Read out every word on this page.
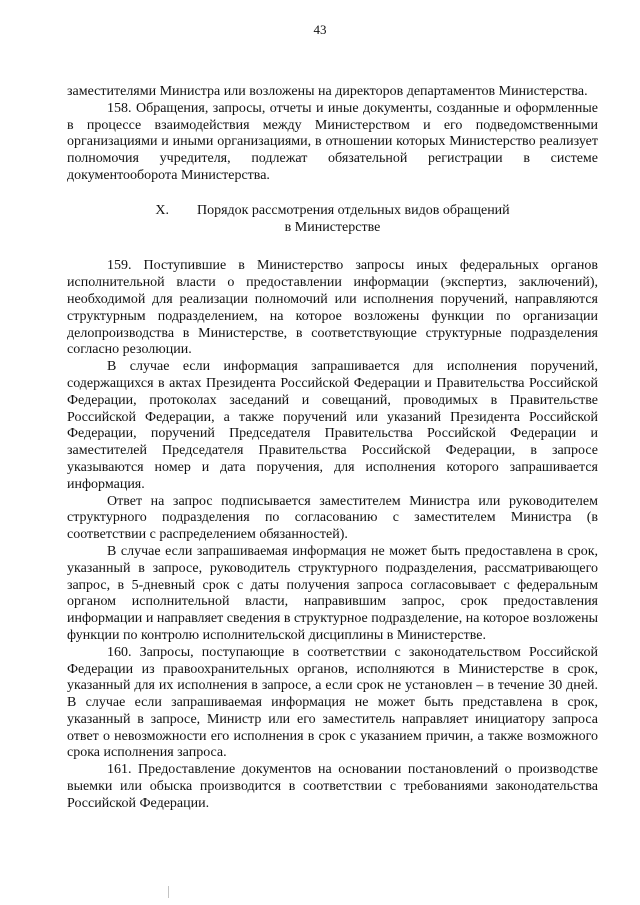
43

заместителями Министра или возложены на директоров департаментов Министерства.

158. Обращения, запросы, отчеты и иные документы, созданные и оформленные в процессе взаимодействия между Министерством и его подведомственными организациями и иными организациями, в отношении которых Министерство реализует полномочия учредителя, подлежат обязательной регистрации в системе документооборота Министерства.

X. Порядок рассмотрения отдельных видов обращений
в Министерстве

159. Поступившие в Министерство запросы иных федеральных органов исполнительной власти о предоставлении информации (экспертиз, заключений), необходимой для реализации полномочий или исполнения поручений, направляются структурным подразделением, на которое возложены функции по организации делопроизводства в Министерстве, в соответствующие структурные подразделения согласно резолюции.

В случае если информация запрашивается для исполнения поручений, содержащихся в актах Президента Российской Федерации и Правительства Российской Федерации, протоколах заседаний и совещаний, проводимых в Правительстве Российской Федерации, а также поручений или указаний Президента Российской Федерации, поручений Председателя Правительства Российской Федерации и заместителей Председателя Правительства Российской Федерации, в запросе указываются номер и дата поручения, для исполнения которого запрашивается информация.

Ответ на запрос подписывается заместителем Министра или руководителем структурного подразделения по согласованию с заместителем Министра (в соответствии с распределением обязанностей).

В случае если запрашиваемая информация не может быть предоставлена в срок, указанный в запросе, руководитель структурного подразделения, рассматривающего запрос, в 5-дневный срок с даты получения запроса согласовывает с федеральным органом исполнительной власти, направившим запрос, срок предоставления информации и направляет сведения в структурное подразделение, на которое возложены функции по контролю исполнительской дисциплины в Министерстве.

160. Запросы, поступающие в соответствии с законодательством Российской Федерации из правоохранительных органов, исполняются в Министерстве в срок, указанный для их исполнения в запросе, а если срок не установлен – в течение 30 дней. В случае если запрашиваемая информация не может быть представлена в срок, указанный в запросе, Министр или его заместитель направляет инициатору запроса ответ о невозможности его исполнения в срок с указанием причин, а также возможного срока исполнения запроса.

161. Предоставление документов на основании постановлений о производстве выемки или обыска производится в соответствии с требованиями законодательства Российской Федерации.
